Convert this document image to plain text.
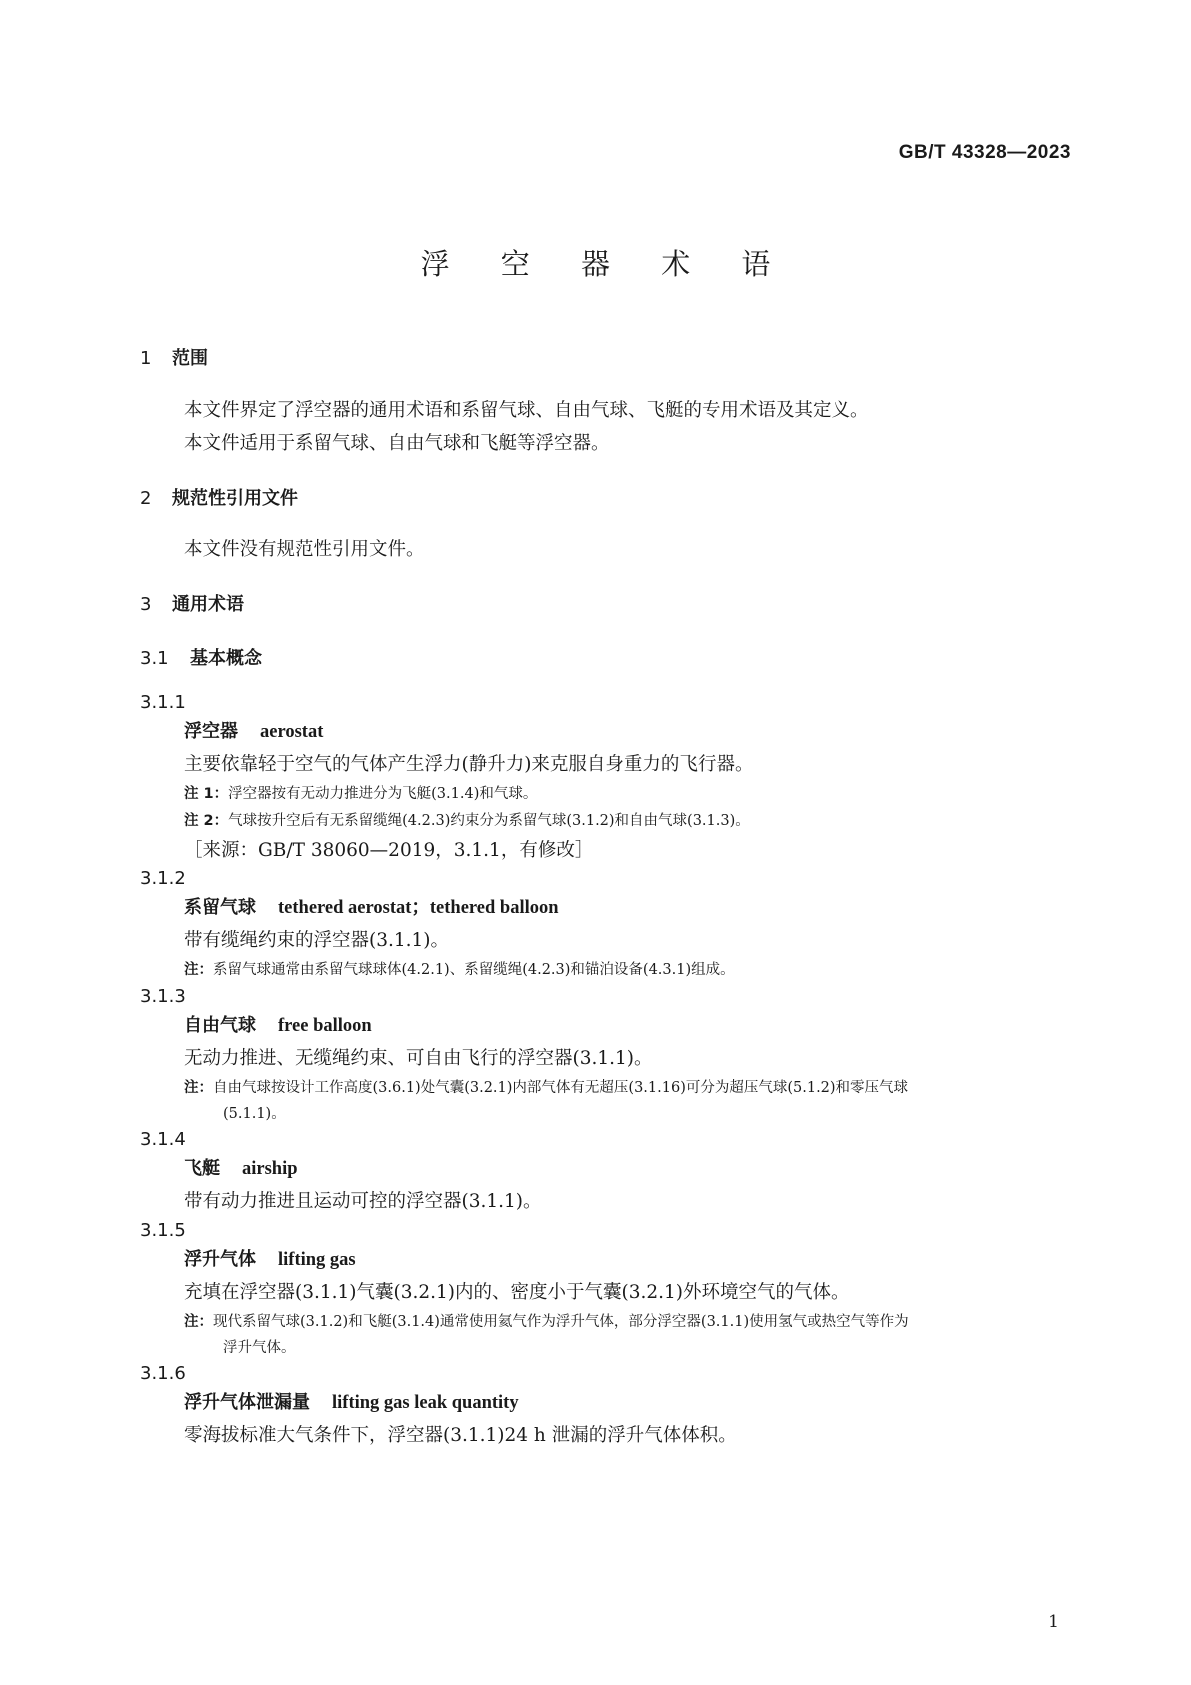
GB/T 43328—2023
浮 空 器 术 语
1 范围
本文件界定了浮空器的通用术语和系留气球、自由气球、飞艇的专用术语及其定义。
本文件适用于系留气球、自由气球和飞艇等浮空器。
2 规范性引用文件
本文件没有规范性引用文件。
3 通用术语
3.1 基本概念
3.1.1
浮空器 aerostat
主要依靠轻于空气的气体产生浮力(静升力)来克服自身重力的飞行器。
注 1：浮空器按有无动力推进分为飞艇(3.1.4)和气球。
注 2：气球按升空后有无系留缆绳(4.2.3)约束分为系留气球(3.1.2)和自由气球(3.1.3)。
［来源：GB/T 38060—2019，3.1.1，有修改］
3.1.2
系留气球 tethered aerostat；tethered balloon
带有缆绳约束的浮空器(3.1.1)。
注：系留气球通常由系留气球球体(4.2.1)、系留缆绳(4.2.3)和锚泊设备(4.3.1)组成。
3.1.3
自由气球 free balloon
无动力推进、无缆绳约束、可自由飞行的浮空器(3.1.1)。
注：自由气球按设计工作高度(3.6.1)处气囊(3.2.1)内部气体有无超压(3.1.16)可分为超压气球(5.1.2)和零压气球
(5.1.1)。
3.1.4
飞艇 airship
带有动力推进且运动可控的浮空器(3.1.1)。
3.1.5
浮升气体 lifting gas
充填在浮空器(3.1.1)气囊(3.2.1)内的、密度小于气囊(3.2.1)外环境空气的气体。
注：现代系留气球(3.1.2)和飞艇(3.1.4)通常使用氦气作为浮升气体，部分浮空器(3.1.1)使用氢气或热空气等作为
浮升气体。
3.1.6
浮升气体泄漏量 lifting gas leak quantity
零海拔标准大气条件下，浮空器(3.1.1)24 h 泄漏的浮升气体体积。
1
